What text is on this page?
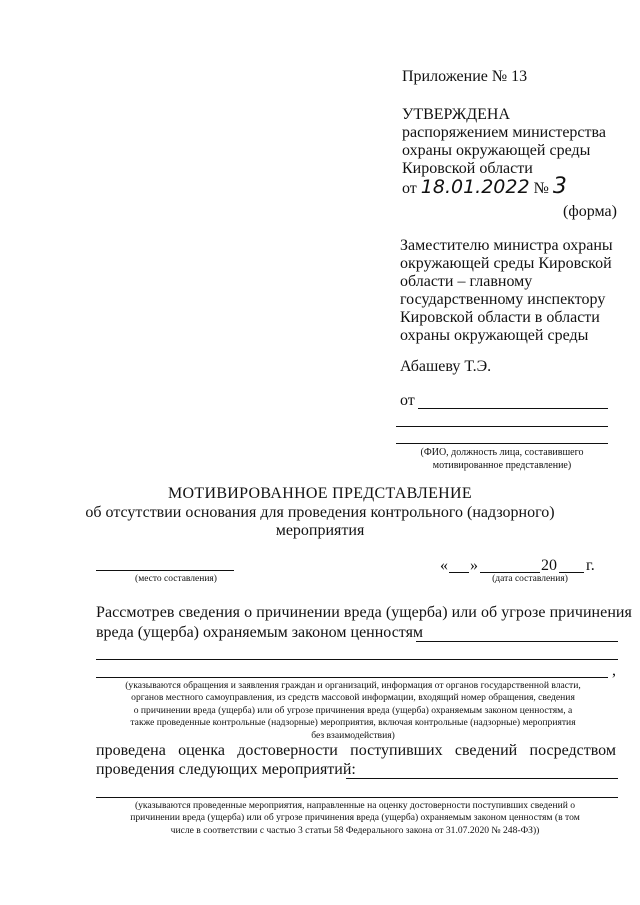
Приложение № 13
УТВЕРЖДЕНА
распоряжением министерства
охраны окружающей среды
Кировской области
от 18.01.2022 № 3
(форма)
Заместителю министра охраны
окружающей среды Кировской
области – главному
государственному инспектору
Кировской области в области
охраны окружающей среды
Абашеву Т.Э.
от
(ФИО, должность лица, составившего
мотивированное представление)
МОТИВИРОВАННОЕ ПРЕДСТАВЛЕНИЕ
об отсутствии основания для проведения контрольного (надзорного)
мероприятия
(место составления)
« »	20 г.
(дата составления)
Рассмотрев сведения о причинении вреда (ущерба) или об угрозе причинения
вреда (ущерба) охраняемым законом ценностям
,
(указываются обращения и заявления граждан и организаций, информация от органов государственной власти,
органов местного самоуправления, из средств массовой информации, входящий номер обращения, сведения
о причинении вреда (ущерба) или об угрозе причинения вреда (ущерба) охраняемым законом ценностям, а
также проведенные контрольные (надзорные) мероприятия, включая контрольные (надзорные) мероприятия
без взаимодействия)
проведена оценка достоверности поступивших сведений посредством
проведения следующих мероприятий:
(указываются проведенные мероприятия, направленные на оценку достоверности поступивших сведений о
причинении вреда (ущерба) или об угрозе причинения вреда (ущерба) охраняемым законом ценностям (в том
числе в соответствии с частью 3 статьи 58 Федерального закона от 31.07.2020 № 248-ФЗ))
